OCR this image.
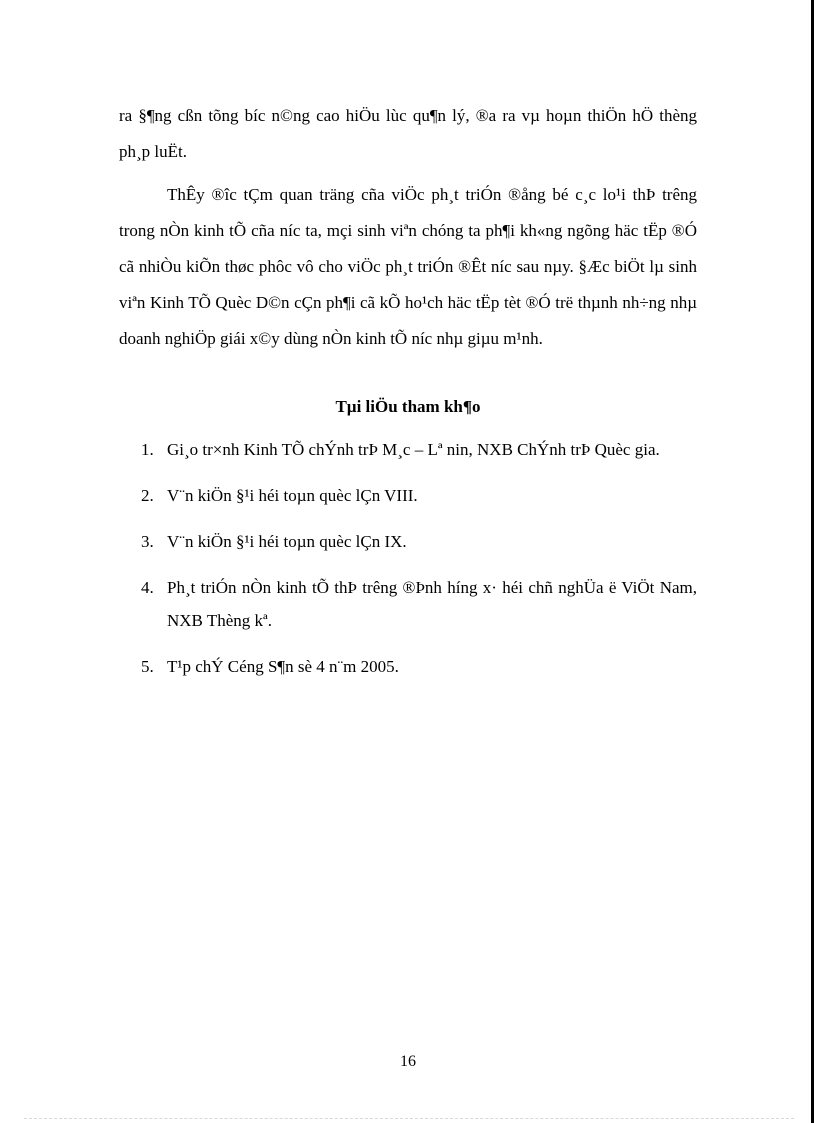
ra §¶ng cßn tõng bíc n©ng cao hiÖu lùc qu¶n lý, ®a ra vµ hoµn thiÖn hÖ thèng ph¸p luËt.

ThÊy ®îc tÇm quan träng cña viÖc ph¸t triÓn ®ång bé c¸c lo¹i thÞ trêng trong nÒn kinh tÕ cña níc ta, mçi sinh viªn chóng ta ph¶i kh«ng ngõng häc tËp ®Ó cã nhiÒu kiÕn thøc phôc vô cho viÖc ph¸t triÓn ®Êt níc sau nµy. §Æc biÖt lµ sinh viªn Kinh TÕ Quèc D©n cÇn ph¶i cã kÕ ho¹ch häc tËp tèt ®Ó trë thµnh nh÷ng nhµ doanh nghiÖp giái x©y dùng nÒn kinh tÕ níc nhµ giµu m¹nh.

Tµi liÖu tham kh¶o
1. Gi¸o tr×nh Kinh TÕ chÝnh trÞ M¸c – Lª nin, NXB ChÝnh trÞ Quèc gia.
2. V¨n kiÖn §¹i héi toµn quèc lÇn VIII.
3. V¨n kiÖn §¹i héi toµn quèc lÇn IX.
4. Ph¸t triÓn nÒn kinh tÕ thÞ trêng ®Þnh híng x· héi chñ nghÜa ë ViÖt Nam, NXB Thèng kª.
5. T¹p chÝ Céng S¶n sè 4 n¨m 2005.
16
